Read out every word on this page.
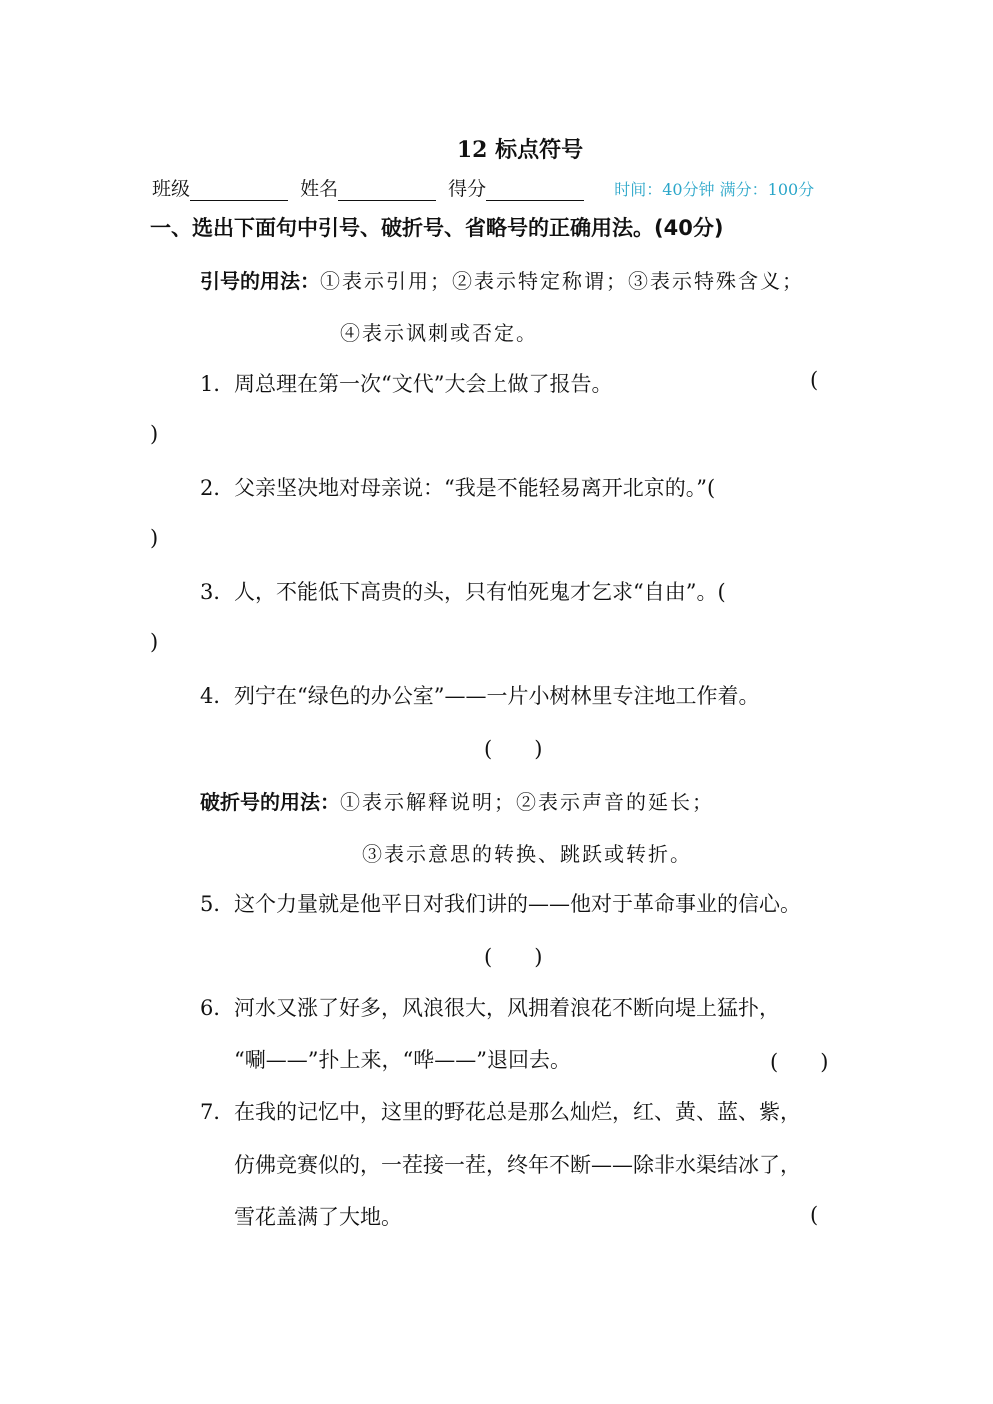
12 标点符号
班级	姓名	得分	时间：40分钟 满分：100分
一、选出下面句中引号、破折号、省略号的正确用法。(40分)
引号的用法：①表示引用；②表示特定称谓；③表示特殊含义；
④表示讽刺或否定。
1．周总理在第一次“文代”大会上做了报告。	(
)
2．父亲坚决地对母亲说：“我是不能轻易离开北京的。”(
)
3．人，不能低下高贵的头，只有怕死鬼才乞求“自由”。(
)
4．列宁在“绿色的办公室”——一片小树林里专注地工作着。
(　　)
破折号的用法：①表示解释说明；②表示声音的延长；
③表示意思的转换、跳跃或转折。
5．这个力量就是他平日对我们讲的——他对于革命事业的信心。
(　　)
6．河水又涨了好多，风浪很大，风拥着浪花不断向堤上猛扑，
“唰——”扑上来，“哗——”退回去。	(　　)
7．在我的记忆中，这里的野花总是那么灿烂，红、黄、蓝、紫，
仿佛竞赛似的，一茬接一茬，终年不断——除非水渠结冰了，
雪花盖满了大地。	(
